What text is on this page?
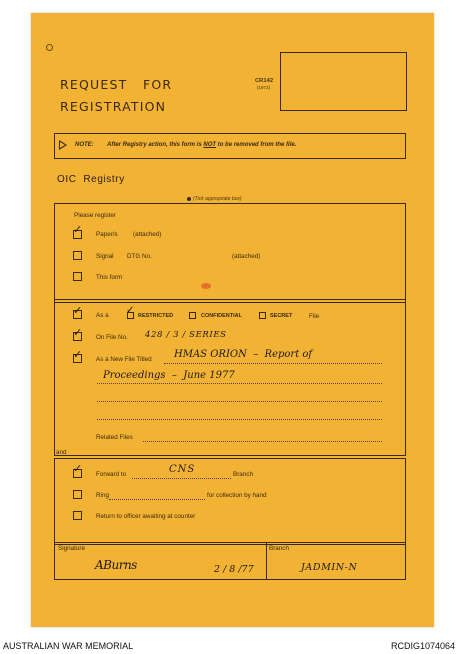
REQUEST   FOR
REGISTRATION
CR142
(1973)
NOTE: After Registry action, this form is NOT to be removed from the file.
OIC  Registry
(Tick appropriate box)
Please register
✓ Paper/s (attached)
Signal DTG No.	(attached)
This form
✓ As a ✓ RESTRICTED	CONFIDENTIAL	SECRET	File
✓ On File No. 428 / 3 / SERIES
✓ As a New File Titled HMAS ORION  –  Report of
Proceedings  –  June 1977
Related Files
and
✓ Forward to	CNS	Branch
Ring	for collection by hand
Return to officer awaiting at counter
Signature	Branch
ABurns	2 / 8 /77	JADMIN-N
AUSTRALIAN WAR MEMORIAL	RCDIG1074064
